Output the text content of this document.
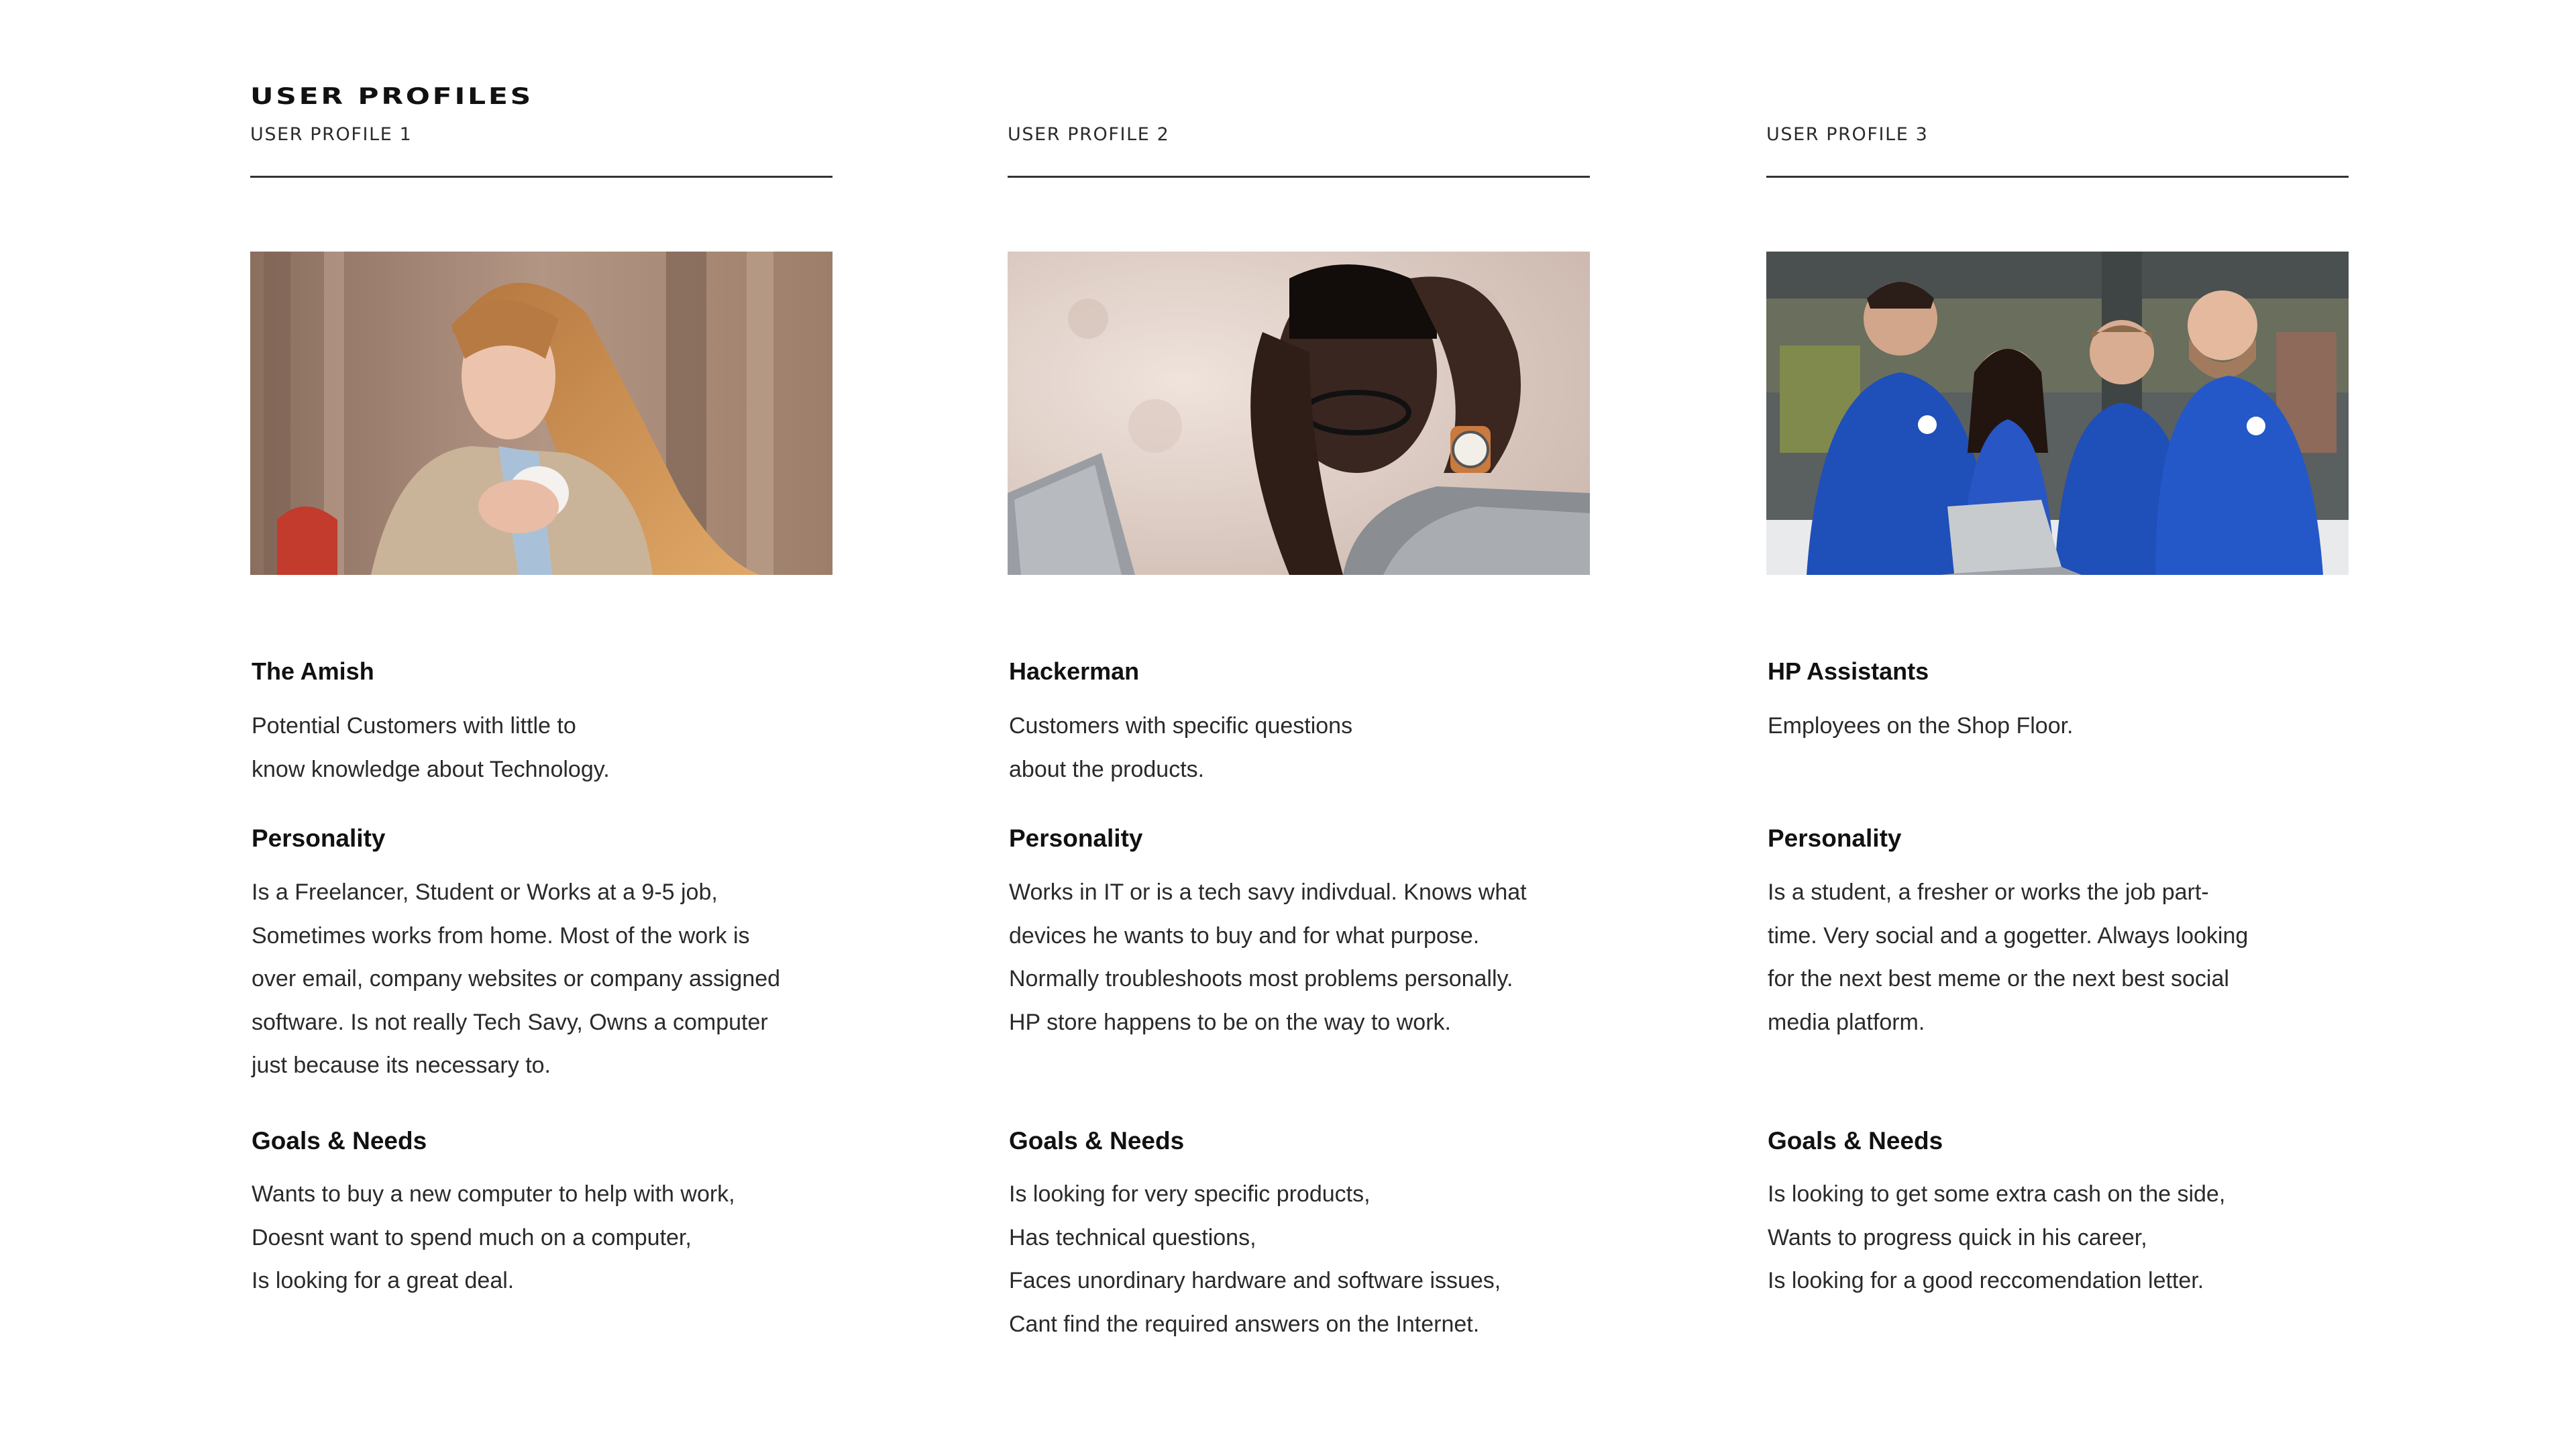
USER PROFILES
USER PROFILE 1
The Amish
Potential Customers with little to
know knowledge about Technology.
Personality
Is a Freelancer, Student or Works at a 9-5 job,
Sometimes works from home. Most of the work is
over email, company websites or company assigned
software. Is not really Tech Savy, Owns a computer
just because its necessary to.
Goals & Needs
Wants to buy a new computer to help with work,
Doesnt want to spend much on a computer,
Is looking for a great deal.
USER PROFILE 2
Hackerman
Customers with specific questions
about the products.
Personality
Works in IT or is a tech savy indivdual. Knows what
devices he wants to buy and for what purpose.
Normally troubleshoots most problems personally.
HP store happens to be on the way to work.
Goals & Needs
Is looking for very specific products,
Has technical questions,
Faces unordinary hardware and software issues,
Cant find the required answers on the Internet.
USER PROFILE 3
HP Assistants
Employees on the Shop Floor.
Personality
Is a student, a fresher or works the job part-
time. Very social and a gogetter. Always looking
for the next best meme or the next best social
media platform.
Goals & Needs
Is looking to get some extra cash on the side,
Wants to progress quick in his career,
Is looking for a good reccomendation letter.
